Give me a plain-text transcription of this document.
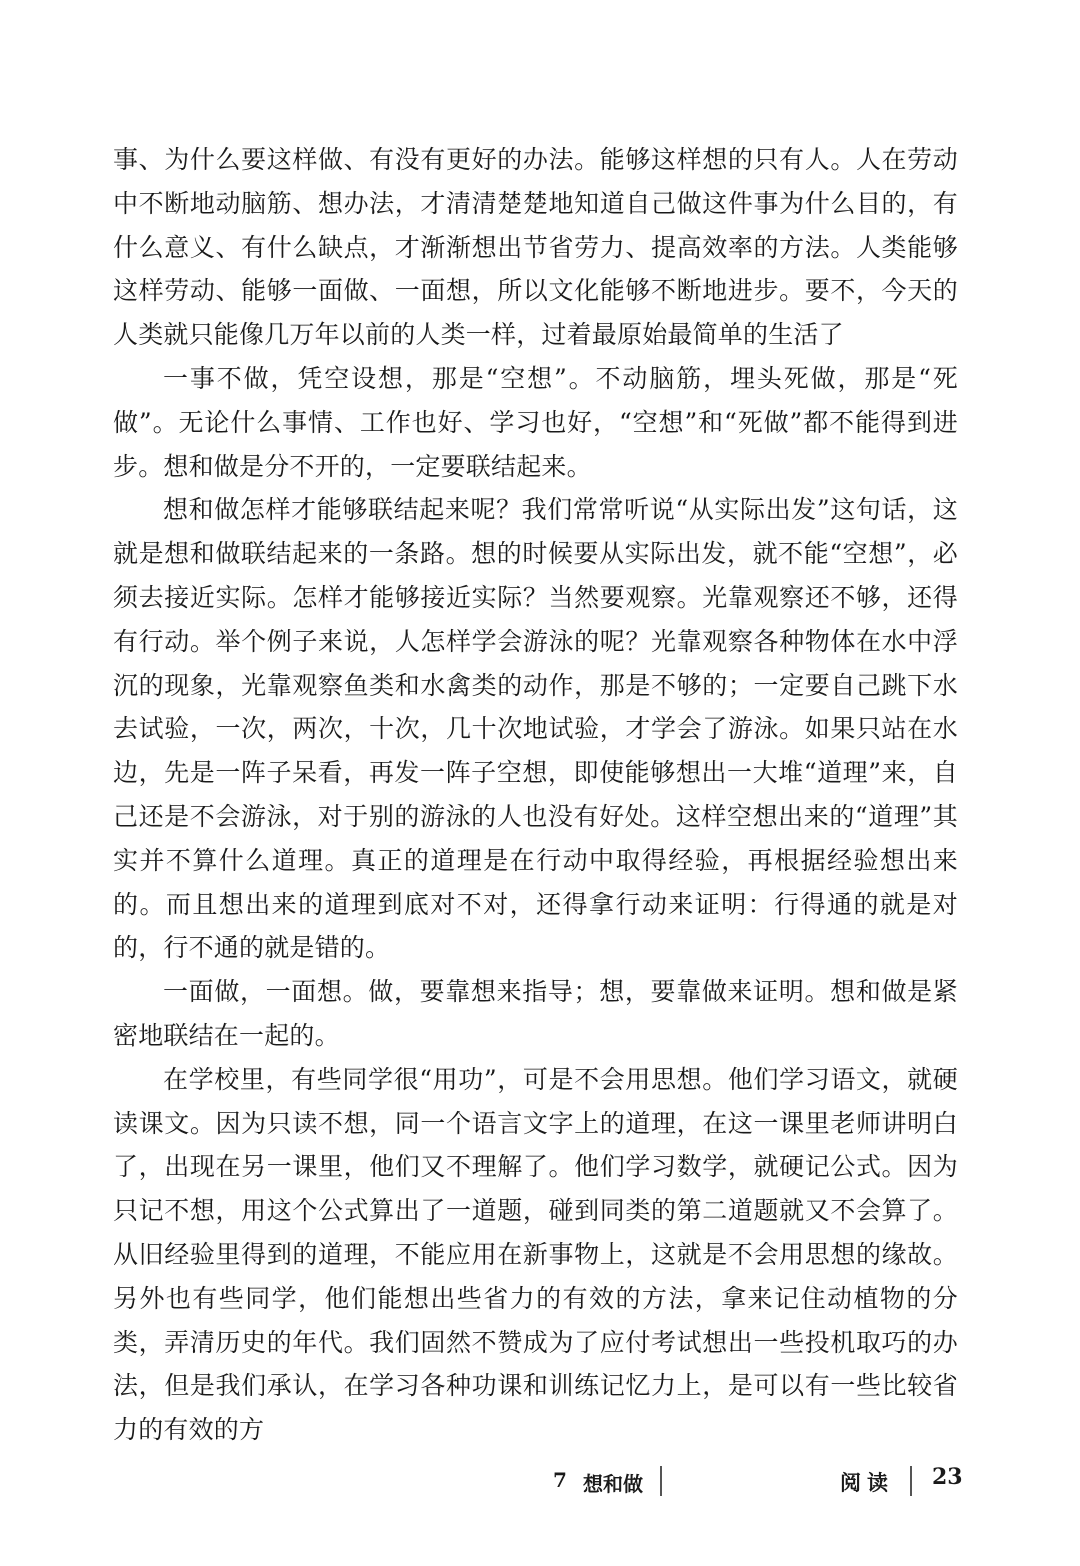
事、为什么要这样做、有没有更好的办法。能够这样想的只有人。人在劳动中不断地动脑筋、想办法，才清清楚楚地知道自己做这件事为什么目的，有什么意义、有什么缺点，才渐渐想出节省劳力、提高效率的方法。人类能够这样劳动、能够一面做、一面想，所以文化能够不断地进步。要不，今天的人类就只能像几万年以前的人类一样，过着最原始最简单的生活了

一事不做，凭空设想，那是“空想”。不动脑筋，埋头死做，那是“死做”。无论什么事情、工作也好、学习也好，“空想”和“死做”都不能得到进步。想和做是分不开的，一定要联结起来。

想和做怎样才能够联结起来呢？我们常常听说“从实际出发”这句话，这就是想和做联结起来的一条路。想的时候要从实际出发，就不能“空想”，必须去接近实际。怎样才能够接近实际？当然要观察。光靠观察还不够，还得有行动。举个例子来说，人怎样学会游泳的呢？光靠观察各种物体在水中浮沉的现象，光靠观察鱼类和水禽类的动作，那是不够的；一定要自己跳下水去试验，一次，两次，十次，几十次地试验，才学会了游泳。如果只站在水边，先是一阵子呆看，再发一阵子空想，即使能够想出一大堆“道理”来，自己还是不会游泳，对于别的游泳的人也没有好处。这样空想出来的“道理”其实并不算什么道理。真正的道理是在行动中取得经验，再根据经验想出来的。而且想出来的道理到底对不对，还得拿行动来证明：行得通的就是对的，行不通的就是错的。

一面做，一面想。做，要靠想来指导；想，要靠做来证明。想和做是紧密地联结在一起的。

在学校里，有些同学很“用功”，可是不会用思想。他们学习语文，就硬读课文。因为只读不想，同一个语言文字上的道理，在这一课里老师讲明白了，出现在另一课里，他们又不理解了。他们学习数学，就硬记公式。因为只记不想，用这个公式算出了一道题，碰到同类的第二道题就又不会算了。从旧经验里得到的道理，不能应用在新事物上，这就是不会用思想的缘故。另外也有些同学，他们能想出些省力的有效的方法，拿来记住动植物的分类，弄清历史的年代。我们固然不赞成为了应付考试想出一些投机取巧的办法，但是我们承认，在学习各种功课和训练记忆力上，是可以有一些比较省力的有效的方

7 想和做	阅读 23
